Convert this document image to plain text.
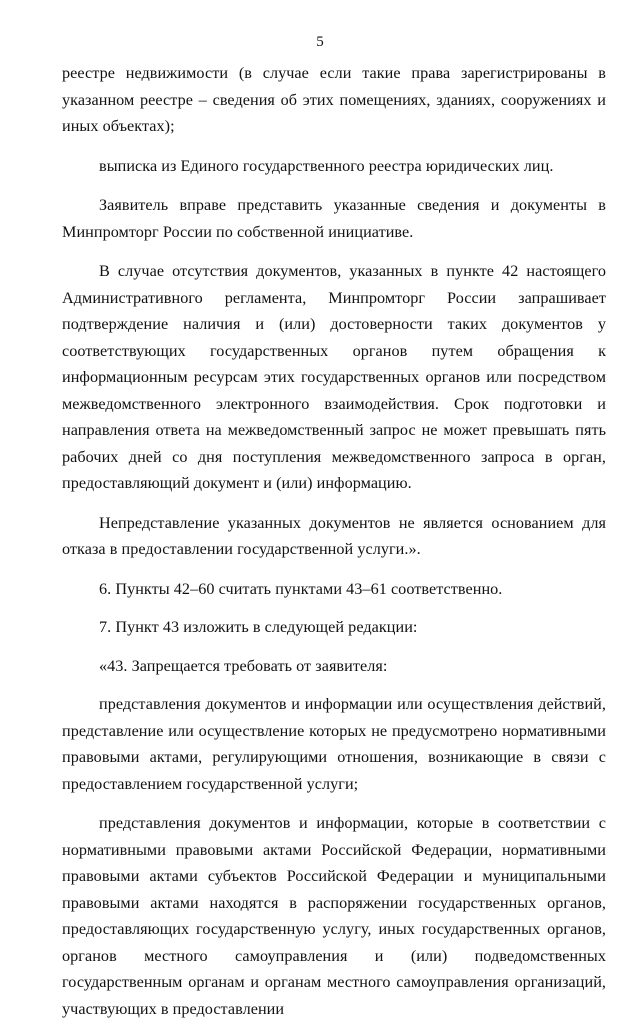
5

реестре недвижимости (в случае если такие права зарегистрированы в указанном реестре – сведения об этих помещениях, зданиях, сооружениях и иных объектах);

выписка из Единого государственного реестра юридических лиц.

Заявитель вправе представить указанные сведения и документы в Минпромторг России по собственной инициативе.

В случае отсутствия документов, указанных в пункте 42 настоящего Административного регламента, Минпромторг России запрашивает подтверждение наличия и (или) достоверности таких документов у соответствующих государственных органов путем обращения к информационным ресурсам этих государственных органов или посредством межведомственного электронного взаимодействия. Срок подготовки и направления ответа на межведомственный запрос не может превышать пять рабочих дней со дня поступления межведомственного запроса в орган, предоставляющий документ и (или) информацию.

Непредставление указанных документов не является основанием для отказа в предоставлении государственной услуги.».

6. Пункты 42–60 считать пунктами 43–61 соответственно.

7. Пункт 43 изложить в следующей редакции:

«43. Запрещается требовать от заявителя:

представления документов и информации или осуществления действий, представление или осуществление которых не предусмотрено нормативными правовыми актами, регулирующими отношения, возникающие в связи с предоставлением государственной услуги;

представления документов и информации, которые в соответствии с нормативными правовыми актами Российской Федерации, нормативными правовыми актами субъектов Российской Федерации и муниципальными правовыми актами находятся в распоряжении государственных органов, предоставляющих государственную услугу, иных государственных органов, органов местного самоуправления и (или) подведомственных государственным органам и органам местного самоуправления организаций, участвующих в предоставлении
